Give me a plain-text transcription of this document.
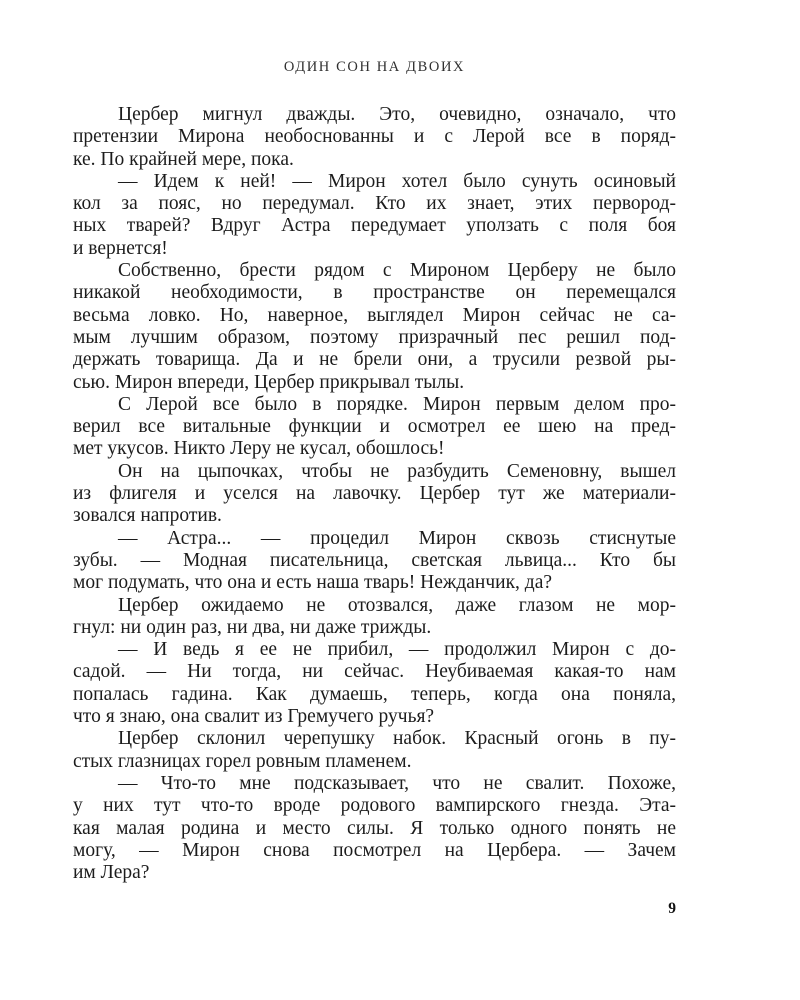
ОДИН СОН НА ДВОИХ
Цербер мигнул дважды. Это, очевидно, означало, что
претензии Мирона необоснованны и с Лерой все в поряд-
ке. По крайней мере, пока.
— Идем к ней! — Мирон хотел было сунуть осиновый
кол за пояс, но передумал. Кто их знает, этих первород-
ных тварей? Вдруг Астра передумает уползать с поля боя
и вернется!
Собственно, брести рядом с Мироном Церберу не было
никакой необходимости, в пространстве он перемещался
весьма ловко. Но, наверное, выглядел Мирон сейчас не са-
мым лучшим образом, поэтому призрачный пес решил под-
держать товарища. Да и не брели они, а трусили резвой ры-
сью. Мирон впереди, Цербер прикрывал тылы.
С Лерой все было в порядке. Мирон первым делом про-
верил все витальные функции и осмотрел ее шею на пред-
мет укусов. Никто Леру не кусал, обошлось!
Он на цыпочках, чтобы не разбудить Семеновну, вышел
из флигеля и уселся на лавочку. Цербер тут же материали-
зовался напротив.
— Астра... — процедил Мирон сквозь стиснутые
зубы. — Модная писательница, светская львица... Кто бы
мог подумать, что она и есть наша тварь! Нежданчик, да?
Цербер ожидаемо не отозвался, даже глазом не мор-
гнул: ни один раз, ни два, ни даже трижды.
— И ведь я ее не прибил, — продолжил Мирон с до-
садой. — Ни тогда, ни сейчас. Неубиваемая какая-то нам
попалась гадина. Как думаешь, теперь, когда она поняла,
что я знаю, она свалит из Гремучего ручья?
Цербер склонил черепушку набок. Красный огонь в пу-
стых глазницах горел ровным пламенем.
— Что-то мне подсказывает, что не свалит. Похоже,
у них тут что-то вроде родового вампирского гнезда. Эта-
кая малая родина и место силы. Я только одного понять не
могу, — Мирон снова посмотрел на Цербера. — Зачем
им Лера?
9
